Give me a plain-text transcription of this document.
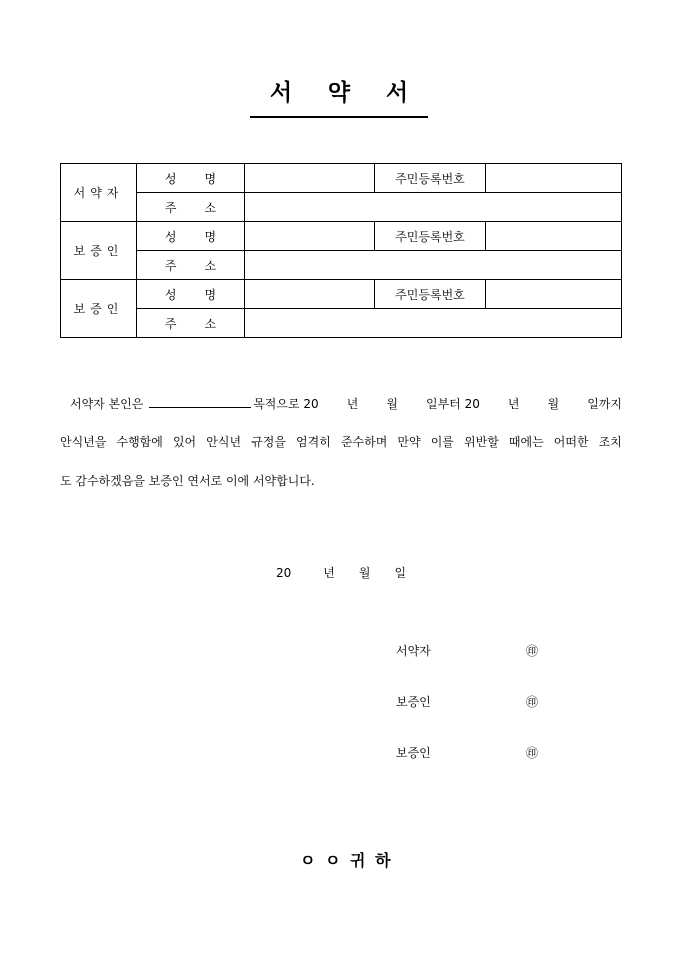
서 약 서
서약자	성 명		주민등록번호	
	주 소			
보증인	성 명		주민등록번호	
	주 소			
보증인	성 명		주민등록번호	
	주 소			
서약자 본인은	목적으로 20 년 월 일부터 20 년 월 일까지
안식년을 수행함에 있어 안식년 규정을 엄격히 준수하며 만약 이를 위반할 때에는 어떠한 조치
도 감수하겠음을 보증인 연서로 이에 서약합니다.
20	년 월 일
서약자	㊞
보증인	㊞
보증인	㊞
ㅇ ㅇ 귀 하
